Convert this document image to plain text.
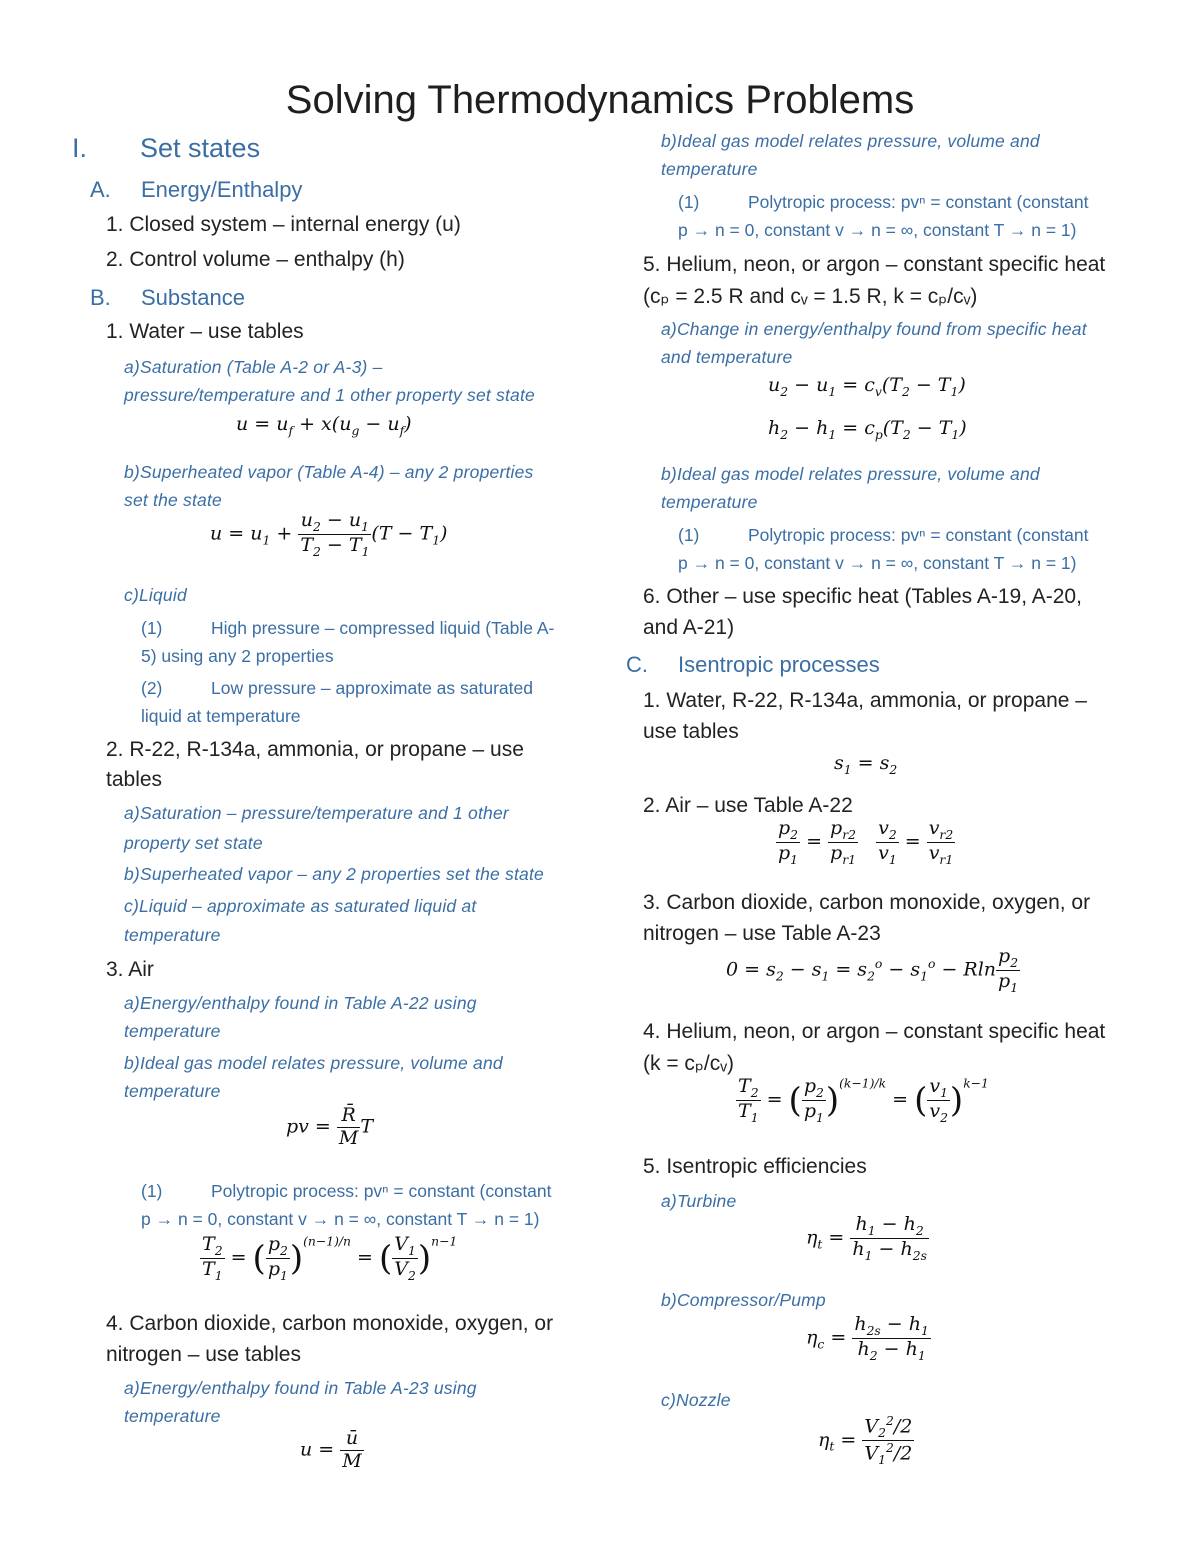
Solving Thermodynamics Problems
I. Set states
A. Energy/Enthalpy
1. Closed system – internal energy (u)
2. Control volume – enthalpy (h)
B. Substance
1. Water – use tables
a)Saturation (Table A-2 or A-3) –
pressure/temperature and 1 other property set state
$u = u_f + x(u_g - u_f)$
b)Superheated vapor (Table A-4) – any 2 properties
set the state
$u = u_1 + \frac{u_2 - u_1}{T_2 - T_1} (T - T_1)$
c)Liquid
(1)	High pressure – compressed liquid (Table A-
5) using any 2 properties
(2)	Low pressure – approximate as saturated
liquid at temperature
2. R-22, R-134a, ammonia, or propane – use
tables
a)Saturation – pressure/temperature and 1 other
property set state
b)Superheated vapor – any 2 properties set the state
c)Liquid – approximate as saturated liquid at
temperature
3. Air
a)Energy/enthalpy found in Table A-22 using
temperature
b)Ideal gas model relates pressure, volume and
temperature
pv = $\frac{R̄}{M}$ T
(1)	Polytropic process: pvⁿ = constant (constant
p → n = 0, constant v → n = ∞, constant T → n = 1)
$\frac{T_2}{T_1}$ = ( $\frac{p_2}{p_1} )^{(n-1)/n}$ = ( $\frac{V_1}{V_2} )^{n-1}$
4. Carbon dioxide, carbon monoxide, oxygen, or
nitrogen – use tables
a)Energy/enthalpy found in Table A-23 using
temperature
$u = \frac{ū}{M}$
b)Ideal gas model relates pressure, volume and
temperature
(1)	Polytropic process: pvⁿ = constant (constant
p → n = 0, constant v → n = ∞, constant T → n = 1)
5. Helium, neon, or argon – constant specific heat
(cₚ = 2.5 R and cᵥ = 1.5 R, k = cₚ/cᵥ)
a)Change in energy/enthalpy found from specific heat
and temperature
$u_2 - u_1 = c_v(T_2 - T_1)$
$h_2 - h_1 = c_p(T_2 - T_1)$
b)Ideal gas model relates pressure, volume and
temperature
(1)	Polytropic process: pvⁿ = constant (constant
p → n = 0, constant v → n = ∞, constant T → n = 1)
6. Other – use specific heat (Tables A-19, A-20,
and A-21)
C. Isentropic processes
1. Water, R-22, R-134a, ammonia, or propane –
use tables
$s_1 = s_2$
2. Air – use Table A-22
$\frac{p_2}{p_1} = \frac{p_{r2}}{p_{r1}}$
$\frac{v_2}{v_1} = \frac{v_{r2}}{v_{r1}}$
3. Carbon dioxide, carbon monoxide, oxygen, or
nitrogen – use Table A-23
$0 = s_2 - s_1 = s_2^o - s_1^o - Rln \frac{p_2}{p_1}$
4. Helium, neon, or argon – constant specific heat
(k = cₚ/cᵥ)
$\frac{T_2}{T_1}$ = ( $\frac{p_2}{p_1} )^{(k-1)/k}$ = ( $\frac{v_1}{v_2} )^{k-1}$
5. Isentropic efficiencies
a)Turbine
$\eta_t = \frac{h_1 - h_2}{h_1 - h_{2s}}$
b)Compressor/Pump
$\eta_c = \frac{h_{2s} - h_1}{h_2 - h_1}$
c)Nozzle
$\eta_t = \frac{V_2^2/2}{V_1^2/2}$
